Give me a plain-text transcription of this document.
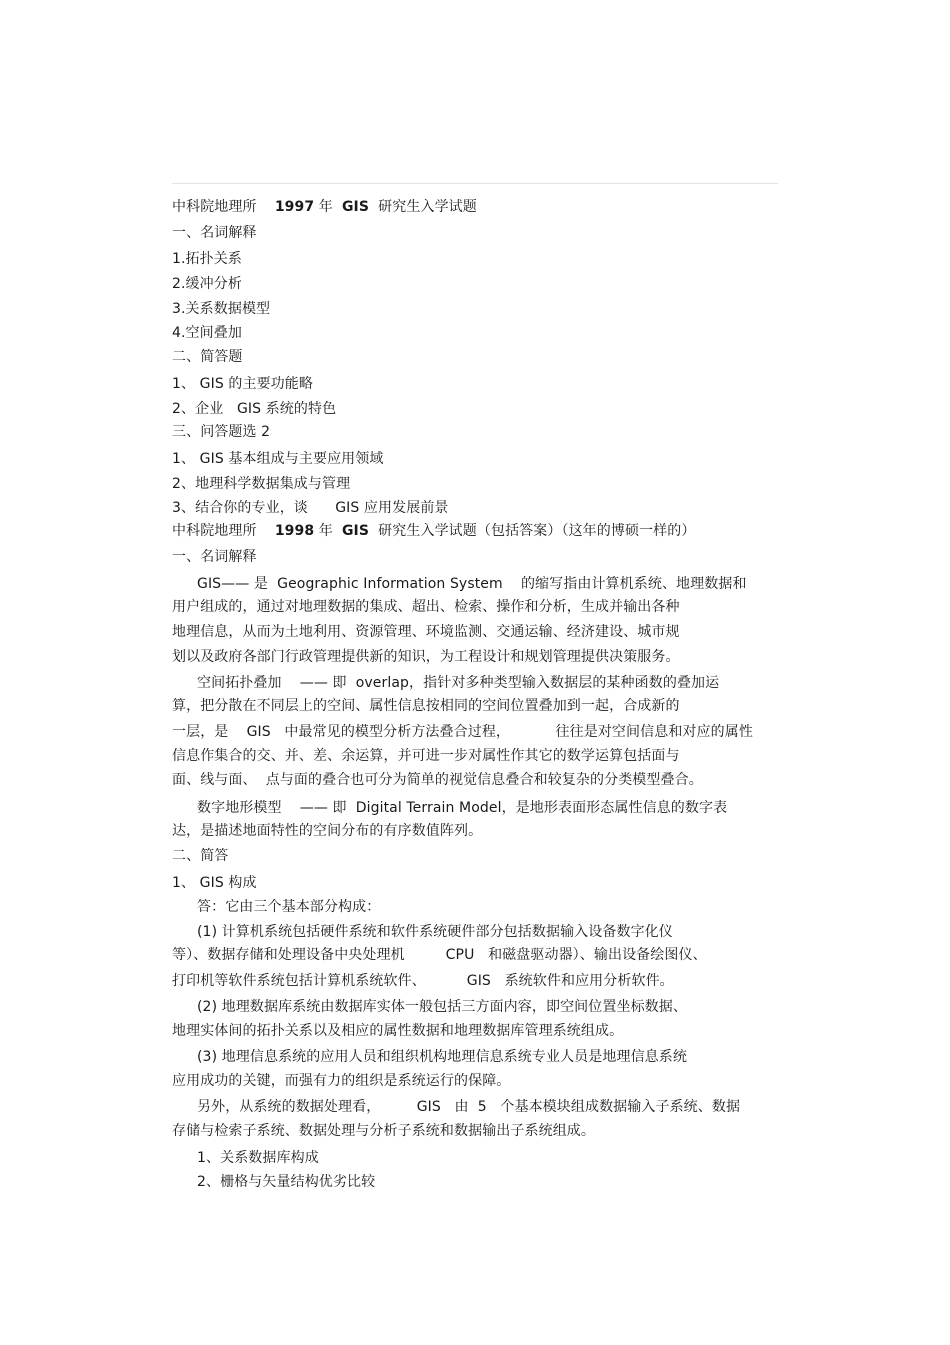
中科院地理所 1997 年 GIS 研究生入学试题
一、名词解释
1.拓扑关系
2.缓冲分析
3.关系数据模型
4.空间叠加
二、简答题
1、 GIS 的主要功能略
2、企业   GIS 系统的特色
三、问答题选 2
1、 GIS 基本组成与主要应用领域
2、地理科学数据集成与管理
3、结合你的专业，谈      GIS 应用发展前景
中科院地理所 1998 年 GIS 研究生入学试题（包括答案）（这年的博硕一样的）
一、名词解释
GIS—— 是  Geographic Information System    的缩写指由计算机系统、地理数据和
用户组成的，通过对地理数据的集成、超出、检索、操作和分析，生成并输出各种
地理信息，从而为土地利用、资源管理、环境监测、交通运输、经济建设、城市规
划以及政府各部门行政管理提供新的知识，为工程设计和规划管理提供决策服务。
空间拓扑叠加    —— 即  overlap，指针对多种类型输入数据层的某种函数的叠加运
算，把分散在不同层上的空间、属性信息按相同的空间位置叠加到一起，合成新的
一层，是    GIS   中最常见的模型分析方法叠合过程，          往往是对空间信息和对应的属性
信息作集合的交、并、差、余运算，并可进一步对属性作其它的数学运算包括面与
面、线与面、  点与面的叠合也可分为简单的视觉信息叠合和较复杂的分类模型叠合。
数字地形模型    —— 即  Digital Terrain Model，是地形表面形态属性信息的数字表
达，是描述地面特性的空间分布的有序数值阵列。
二、简答
1、 GIS 构成
答：它由三个基本部分构成：
(1) 计算机系统包括硬件系统和软件系统硬件部分包括数据输入设备数字化仪
等）、数据存储和处理设备中央处理机         CPU   和磁盘驱动器）、输出设备绘图仪、
打印机等软件系统包括计算机系统软件、         GIS   系统软件和应用分析软件。
(2) 地理数据库系统由数据库实体一般包括三方面内容，即空间位置坐标数据、
地理实体间的拓扑关系以及相应的属性数据和地理数据库管理系统组成。
(3) 地理信息系统的应用人员和组织机构地理信息系统专业人员是地理信息系统
应用成功的关键，而强有力的组织是系统运行的保障。
另外，从系统的数据处理看，        GIS   由  5   个基本模块组成数据输入子系统、数据
存储与检索子系统、数据处理与分析子系统和数据输出子系统组成。
1、关系数据库构成
2、栅格与矢量结构优劣比较
